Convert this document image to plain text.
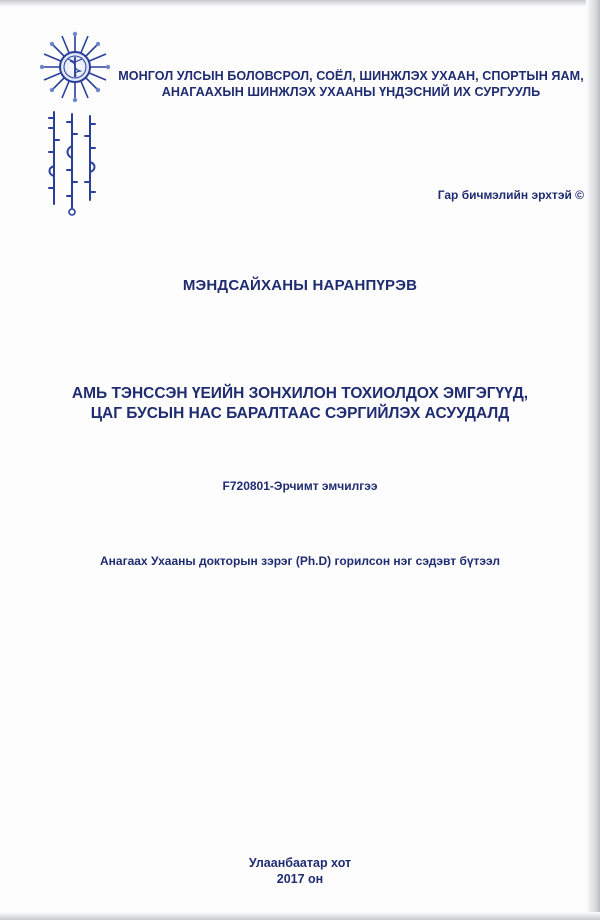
МОНГОЛ УЛСЫН БОЛОВСРОЛ, СОЁЛ, ШИНЖЛЭХ УХААН, СПОРТЫН ЯАМ,
АНАГААХЫН ШИНЖЛЭХ УХААНЫ ҮНДЭСНИЙ ИХ СУРГУУЛЬ
Гар бичмэлийн эрхтэй ©
МЭНДСАЙХАНЫ НАРАНПҮРЭВ
АМЬ ТЭНССЭН ҮЕИЙН ЗОНХИЛОН ТОХИОЛДОХ ЭМГЭГҮҮД,
ЦАГ БУСЫН НАС БАРАЛТААС СЭРГИЙЛЭХ АСУУДАЛД
F720801-Эрчимт эмчилгээ
Анагаах Ухааны докторын зэрэг (Ph.D) горилсон нэг сэдэвт бүтээл
Улаанбаатар хот
2017 он
